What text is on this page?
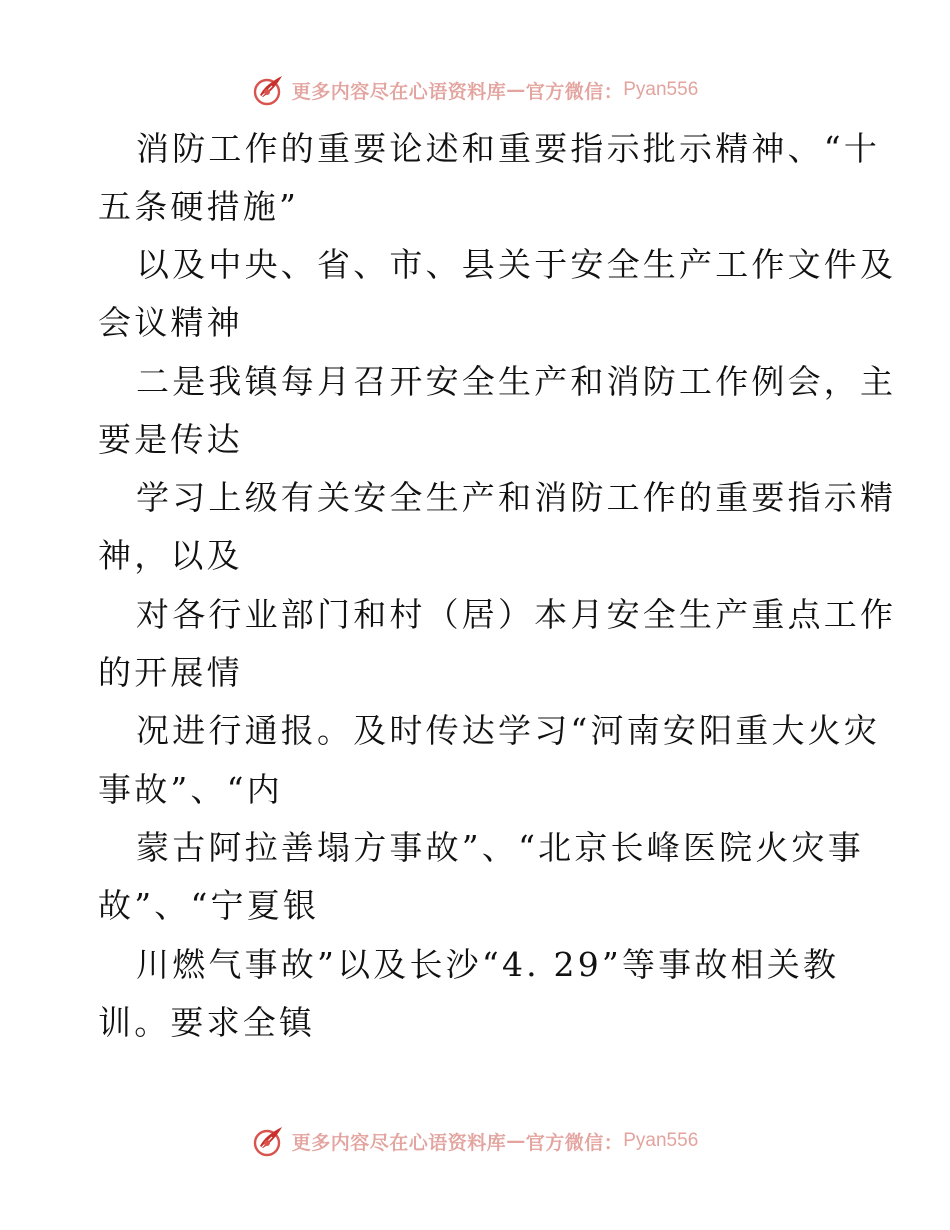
更多内容尽在心语资料库 — 官方微信： Pyan556
消防工作的重要论述和重要指示批示精神、“十
五条硬措施”
以及中央、省、市、县关于安全生产工作文件及
会议精神
二是我镇每月召开安全生产和消防工作例会，主
要是传达
学习上级有关安全生产和消防工作的重要指示精
神，以及
对各行业部门和村（居）本月安全生产重点工作
的开展情
况进行通报。及时传达学习“河南安阳重大火灾
事故”、“内
蒙古阿拉善塌方事故”、“北京长峰医院火灾事
故”、“宁夏银
川燃气事故”以及长沙“4. 29”等事故相关教
训。要求全镇
更多内容尽在心语资料库 — 官方微信： Pyan556
